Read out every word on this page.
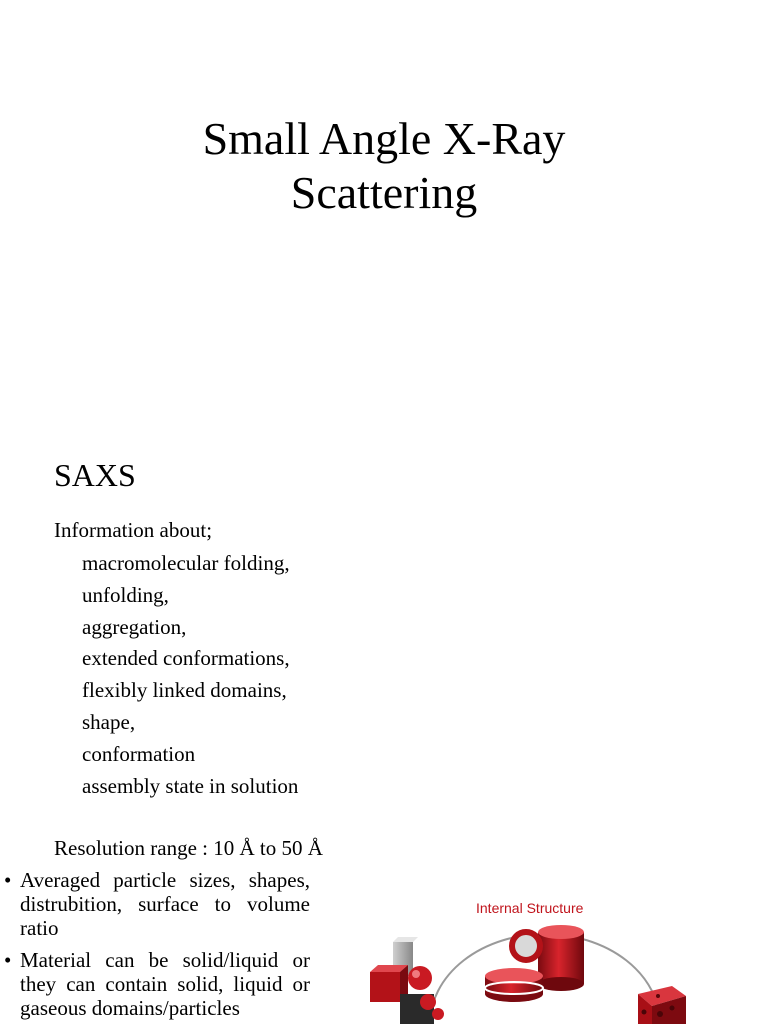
Small Angle X-Ray
Scattering
SAXS
Information about;
macromolecular folding,
unfolding,
aggregation,
extended conformations,
flexibly linked domains,
shape,
conformation
assembly state in solution
Resolution range : 10 Å to 50 Å
• Averaged particle sizes, shapes, distrubition, surface to volume ratio
• Material can be solid/liquid or they can contain solid, liquid or gaseous domains/particles
Internal Structure
